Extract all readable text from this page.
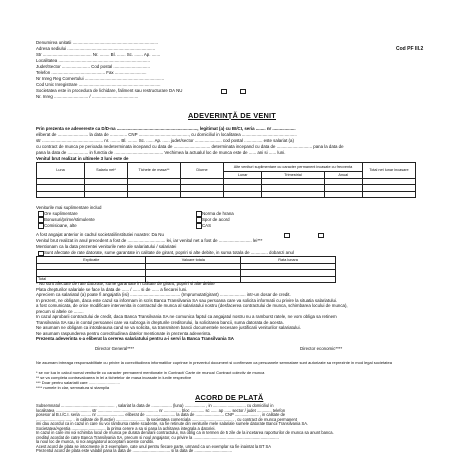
Cod PF III.2
Denumirea unitatii ......................................................................
Adresa sediului ........................................................................
Str ........................................ Nr. ........ Bl. ....... Sc. ....... Ap. .......
Localitatea ...........................................................................
Judet/Sector ....................... Cod postal ..............................
Telefon ............................................ Fax ..........................
Nr Inreg Reg Comertului .................................................................
Cod Unic Inregistrare ...................................................................
Societatea este in procedura de lichidare, faliment sau restructurare DA NU
Nr. Inreg ............................ / ......................................
ADEVERINȚĂ DE VENIT
Prin prezenta se adevereste ca D/D-na .................................................................., legitimat (a) cu BI/CI, seria ........ nr ...................
eliberat de ......................... la data de .............. CNP ........................................., cu domiciliul in localitatea .............................................
str .................................................. nr. ........ Bl. ........ Sc. ...... Ap. ...... judet/sector ...................... cod postal ............... este salariat (a)
cu contract de munca pe perioada nedeterminata incepand cu data de .............................. determinata incepand cu data de ............................. pana la data de
pana la data de ................. in functia de ........................................ Vechimea la actualul loc de munca este de ...... ani si ...... luni.
Venitul brut realizat in ultimele 3 luni este de
Luna	Salariu net*	Tichete de masa**	Diurne	Alte venituri suplimentare cu caracter permanent incasate cu frecventa			Total net lunar incasare
				Lunar	Trimestrial	Anual	

Veniturile mai suplimentare includ
Ore suplimentare
Bonusuri/prime/stimulente
Comisioane, alte
Norma de hrana
Spor de acord
CAS
A fost angajat anterior in cadrul societatii/institutiei noastre: Da Nu
Venitul brut realizat in anul precedent a fost de ............................... lei, iar venitul net a fost de ........................... lei***
Mentionam ca la data prezentei veniturile nete ale salariatului / salariatei
Sunt afectate de rate datorate, sume garantate in calitate de girant, popriri si alte debite, in suma totala de .............. dobanzi anul
Explicatie	Valoare totala	Rata lunara

Total		
* Nu sunt afectate de rate datorate, sume garantate in calitate de girant, popriri si alte debite
Plata drepturilor salariale se face la data de ...... / ...... si de ...... a fiecarei luni.
Apreciem ca salariatul (a) poate fi angajat/a (isi) ......................................... (Imprumutat/girant) ..................... intr-un dosar de credit.
In prezent, ne obligam, daca este cazul sa informam in scris Banca Transilvania SA sau persoana care va solicita informatii cu privire la situatia salariatului.
a fost comunicata, de orice modificare intervenita in contractul de munca al salariatului nostru (desfacerea contractului de munca, schimbarea locului de munca),
precum si altele ce ........
In cazul aprobarii contractului de credit, daca Banca Transilvania SA ne comunica faptul ca angajatul nostru nu a ramburst ratele, ne vom obliga sa retinem
Transilvania SA sau in contul persoanei care va subroga in drepturile creditorului, la solicitarea bancii, suma datorata de acesta.
Ne asumam ne obligam ca intotdeauna cand se va solicita, sa transmitem bancii documentele necesare justificarii veniturilor salariatului.
Ne asumam raspunderea pentru corectitudinea datelor mentionate in prezenta adeverinta.
Prezenta adeverinta s-a eliberat la cererea salariatului pentru a-i servi la Banca Transilvania SA
Director General****	Director economic****
Ne asumam intreaga responsabilitate cu privire la corectitudinea informatiilor cuprinse in prezentul document si confirmam ca persoanele semnatare sunt autorizate sa reprezinte in mod legal societatea
* se vor lua in calcul numai veniturile cu caracter permanent mentionate in Contract/ Carte de munca/ Contract colectiv de munca
** se va completa contravaloarea in lei a tichetelor de masa incasate in lunile respective
*** Doar pentru salariatii care ............................
**** numele in clar, semnatura si stampila
ACORD DE PLATĂ
Subsemnatul ............................................... , salariat la data de .................. (luna) .................. , in ............................. cu domiciliul in
localitatea ............................... str ..................................................... nr ............... bloc ............ sc ...... ap ...... sector / judet ............. telefon
posesor al B.I./C.I. seria ......... nr ........................ eliberat de .......................... la data de ......................... CNP ..................... , in calitate de
................................ . in calitate de (functie) .......................... la societatea comerciala ..................................... , cu contract de munca permanent
imi dau acordul ca in cazul in care nu voi rambursa ratele scadente, sa fie retinute din veniturile mele salariale sumele datorate Bancii Transilvania SA.
Societatea/Agentia .............................. la prima cerere a sa si pana la achitarea integrala a datoriei.
In cazul in care imi voi schimba locul de munca pe durata derularii contractului, ma oblig ca in termen de 5 zile de la incetarea raporturilor de munca sa anunt banca.
creditul acordat de catre Banca Transilvania SA, precum si noul angajator, cu privire la ...........................................................................
la noul loc de munca, si noi angajatorul acceptam aceste conditii.
Acest acord de plata se intocmeste in 3 exemplare, cate unul pentru fiecare parte, urmand ca un exemplar sa fie inaintat la BT SA
Prezentul acord de plata este valabil pana la data de ................................. si la data de .................................
